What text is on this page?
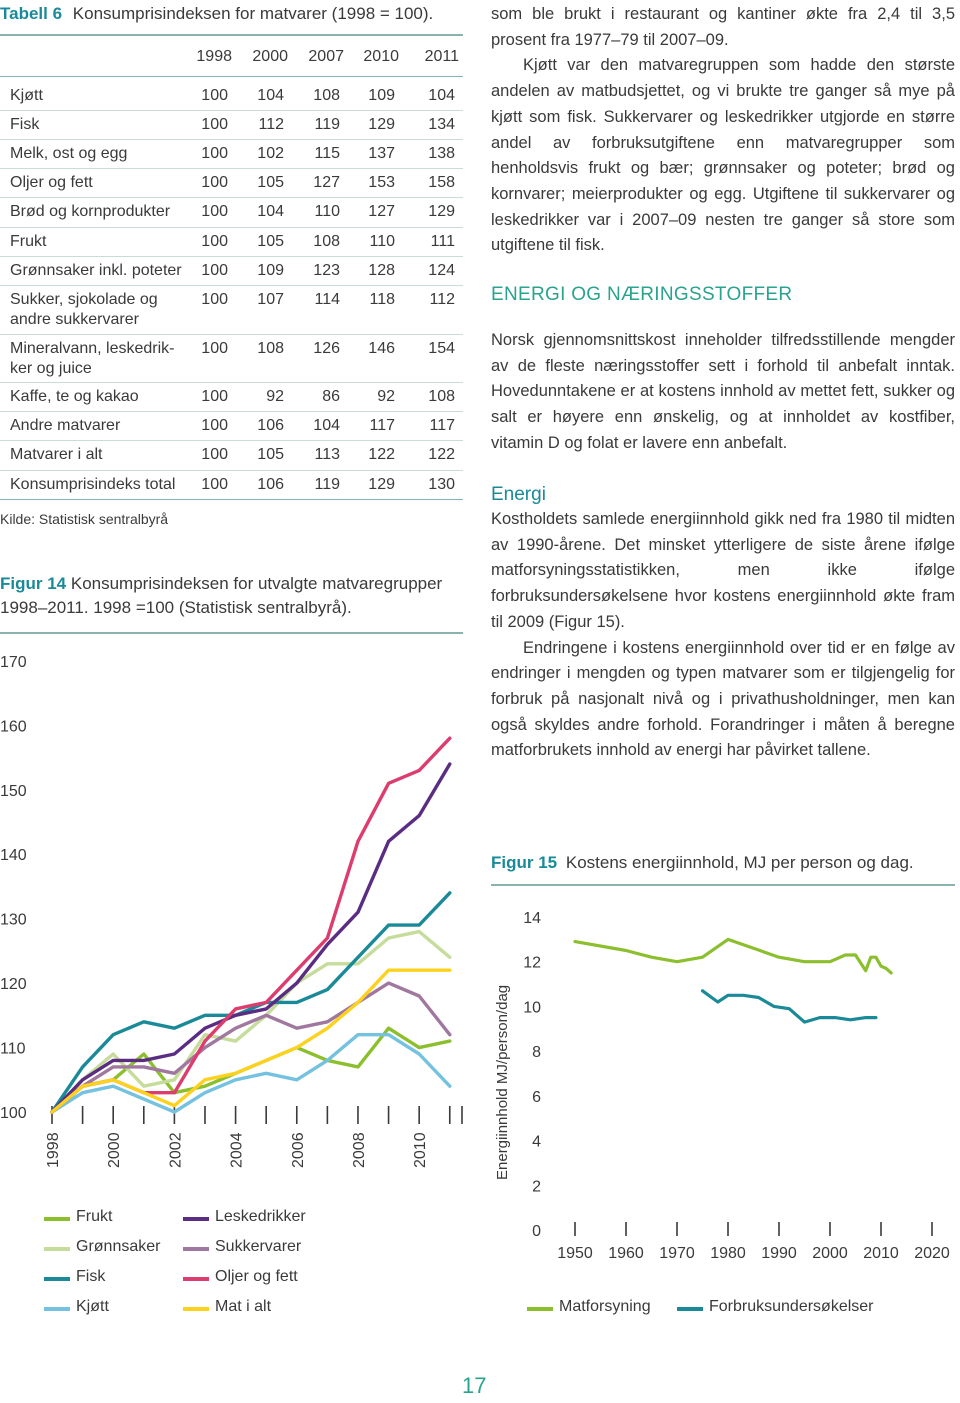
Tabell 6 Konsumprisindeksen for matvarer (1998 = 100).
1998	2000	2007	2010	2011
Kjøtt	100	104	108	109	104
Fisk	100	112	119	129	134
Melk, ost og egg	100	102	115	137	138
Oljer og fett	100	105	127	153	158
Brød og kornprodukter	100	104	110	127	129
Frukt	100	105	108	110	111
Grønnsaker inkl. poteter	100	109	123	128	124
Sukker, sjokolade og
andre sukkervarer
100	107	114	118	112
Mineralvann, leskedrik-
ker og juice
100	108	126	146	154
Kaffe, te og kakao	100	92	86	92	108
Andre matvarer	100	106	104	117	117
Matvarer i alt	100	105	113	122	122
Konsumprisindeks total	100	106	119	129	130
Kilde: Statistisk sentralbyrå
Figur 14 Konsumprisindeksen for utvalgte matvaregrupper 1998–2011. 1998 =100 (Statistisk sentralbyrå).
100
110
120
130
140
150
160
170
1998	2000	2002	2004	2006	2008	2010
Frukt
Grønnsaker
Fisk
Kjøtt
Leskedrikker
Sukkervarer
Oljer og fett
Mat i alt

som ble brukt i restaurant og kantiner økte fra 2,4 til 3,5 prosent fra 1977–79 til 2007–09.

Kjøtt var den matvaregruppen som hadde den største andelen av matbudsjettet, og vi brukte tre ganger så mye på kjøtt som fisk. Sukkervarer og leskedrikker utgjorde en større andel av forbruksutgiftene enn matvaregrupper som henholdsvis frukt og bær; grønnsaker og poteter; brød og kornvarer; meierprodukter og egg. Utgiftene til sukkervarer og leskedrikker var i 2007–09 nesten tre ganger så store som utgiftene til fisk.

ENERGI OG NÆRINGSSTOFFER

Norsk gjennomsnittskost inneholder tilfredsstillende mengder av de fleste næringsstoffer sett i forhold til anbefalt inntak. Hovedunntakene er at kostens innhold av mettet fett, sukker og salt er høyere enn ønskelig, og at innholdet av kostfiber, vitamin D og folat er lavere enn anbefalt.

Energi

Kostholdets samlede energiinnhold gikk ned fra 1980 til midten av 1990-årene. Det minsket ytterligere de siste årene ifølge matforsyningsstatistikken, men ikke ifølge forbruksundersøkelsene hvor kostens energiinnhold økte fram til 2009 (Figur 15).

Endringene i kostens energiinnhold over tid er en følge av endringer i mengden og typen matvarer som er tilgjengelig for forbruk på nasjonalt nivå og i privathusholdninger, men kan også skyldes andre forhold. Forandringer i måten å beregne matforbrukets innhold av energi har påvirket tallene.

Figur 15 Kostens energiinnhold, MJ per person og dag.
Energiinnhold MJ/person/dag
0
2
4
6
8
10
12
14
1950 1960 1970 1980 1990 2000 2010 2020
Matforsyning	Forbruksundersøkelser
17
